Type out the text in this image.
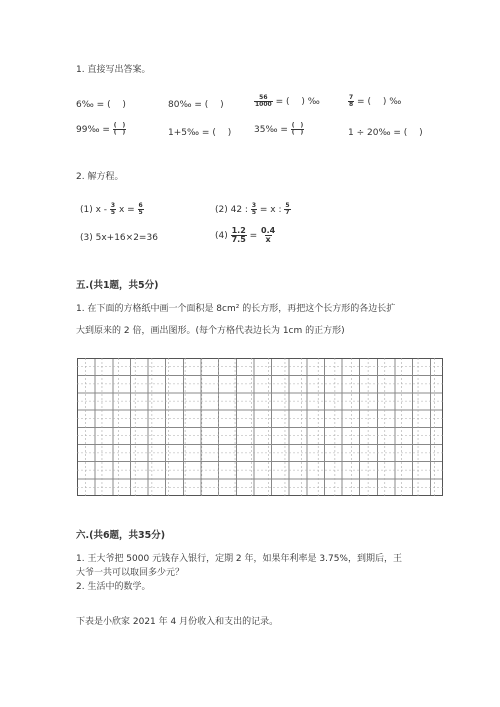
1. 直接写出答案。
6‰ = (　 )	80‰ = (　 )	$\frac{56}{1000}$ = (　 ) ‰	$\frac{7}{8}$ = (　 ) ‰
99‰ = $\frac{( )}{( )}$	1+5‰ = (　 )	35‰ = $\frac{( )}{( )}$	1 ÷ 20‰ = (　 )
2. 解方程。
(1) x - $\frac{3}{5}$ $x = \frac{6}{5}$	(2) 42 : $\frac{3}{5} = x$ : $\frac{5}{7}$
(3) 5x+16×2=36	$(4) \frac{1.2}{7.5} = \frac{0.4}{x}$
五.(共1题，共5分)
1. 在下面的方格纸中画一个面积是 8cm² 的长方形，再把这个长方形的各边长扩
大到原来的 2 倍，画出图形。(每个方格代表边长为 1cm 的正方形)
六.(共6题，共35分)
1. 王大爷把 5000 元钱存入银行，定期 2 年，如果年利率是 3.75%，到期后，王
大爷一共可以取回多少元？
2. 生活中的数学。
下表是小欣家 2021 年 4 月份收入和支出的记录。
